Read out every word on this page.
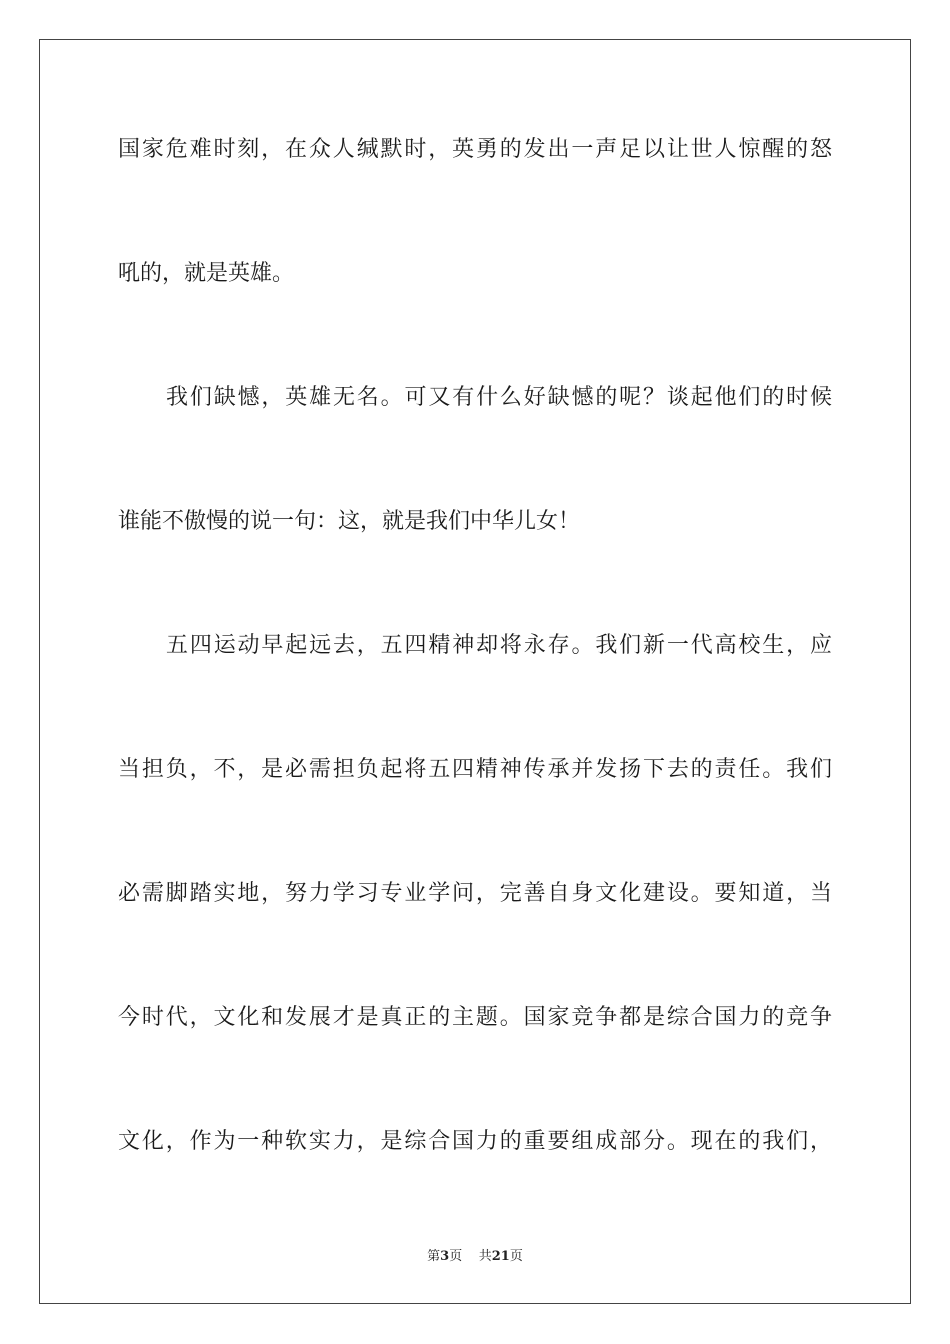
国家危难时刻，在众人缄默时，英勇的发出一声足以让世人惊醒的怒
吼的，就是英雄。
我们缺憾，英雄无名。可又有什么好缺憾的呢？谈起他们的时候
谁能不傲慢的说一句：这，就是我们中华儿女！
五四运动早起远去，五四精神却将永存。我们新一代高校生，应
当担负，不，是必需担负起将五四精神传承并发扬下去的责任。我们
必需脚踏实地，努力学习专业学问，完善自身文化建设。要知道，当
今时代，文化和发展才是真正的主题。国家竞争都是综合国力的竞争
文化，作为一种软实力，是综合国力的重要组成部分。现在的我们，
第3页 共21页
